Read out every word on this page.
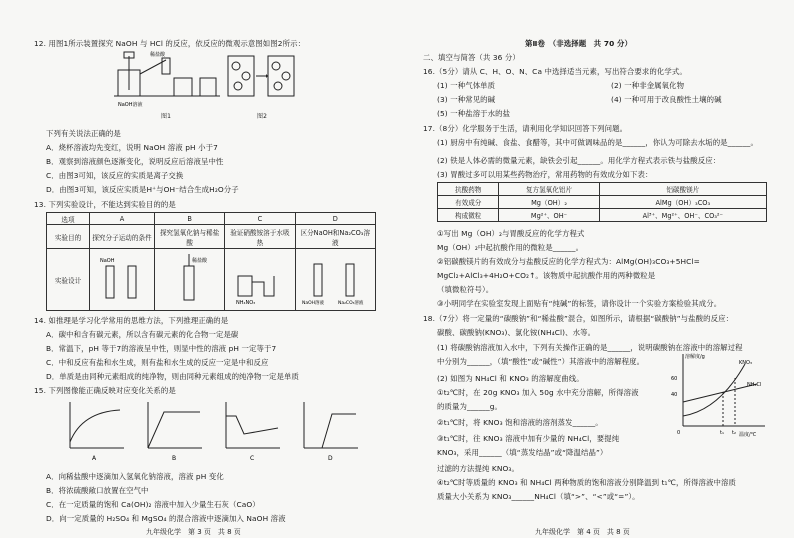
12. 用图1所示装置探究 NaOH 与 HCl 的反应，依反应的微观示意图如图2所示：
NaOH溶液
稀盐酸
图1	图2
下列有关说法正确的是
A．烧杯溶液均先变红，说明 NaOH 溶液 pH 小于7
B．观察到溶液颜色逐渐变化，说明反应后溶液呈中性
C．由图3可知，该反应的实质是离子交换
D．由图3可知，该反应实质是H⁺与OH⁻结合生成H₂O分子
13. 下列实验设计，不能达到实验目的的是
选项	A	B	C	D
实验目的	探究分子运动的条件	探究氢氧化钠与稀盐酸	验证硝酸铵溶于水吸热	区分NaOH和Na₂CO₃溶液
实验设计	NaOH	稀盐酸	NH₄NO₃	NaOH溶液 Na₂CO₃溶液
14. 如推理是学习化学常用的思维方法，下列推理正确的是
A．碳中和含有碳元素，所以含有碳元素的化合物一定是碳
B．常温下，pH 等于7的溶液呈中性，则显中性的溶液 pH 一定等于7
C．中和反应有盐和水生成，则有盐和水生成的反应一定是中和反应
D．单质是由同种元素组成的纯净物，则由同种元素组成的纯净物一定是单质
15. 下列图像能正确反映对应变化关系的是
A	B	C	D
A．向稀盐酸中逐滴加入氢氧化钠溶液，溶液 pH 变化
B．将浓硫酸敞口放置在空气中
C．在一定质量的饱和 Ca(OH)₂ 溶液中加入少量生石灰（CaO）
D．向一定质量的 H₂SO₄ 和 MgSO₄ 的混合溶液中逐滴加入 NaOH 溶液
九年级化学　第 3 页　共 8 页
第Ⅱ卷　（非选择题　共 70 分）
二、填空与简答（共 36 分）
16.（5分）请从 C、H、O、N、Ca 中选择适当元素，写出符合要求的化学式。
(1) 一种气体单质	(2) 一种非金属氧化物
(3) 一种常见的碱	(4) 一种可用于改良酸性土壤的碱
(5) 一种盐溶于水的盐
17.（8分）化学服务于生活，请利用化学知识回答下列问题。
(1) 厨房中有纯碱、食盐、食醋等，其中可做调味品的是______，你认为可除去水垢的是______。
(2) 铁是人体必需的微量元素，缺铁会引起______。用化学方程式表示铁与盐酸反应：
(3) 胃酸过多可以用某些药物治疗，常用药物的有效成分如下表：
抗酸药物	复方氢氧化铝片	铝碳酸镁片
有效成分	Mg（OH）₂	AlMg（OH）₃CO₃
构成微粒	Mg²⁺、OH⁻	Al³⁺、Mg²⁺、OH⁻、CO₃²⁻
①写出 Mg（OH）₂与胃酸反应的化学方程式
Mg（OH）₂中起抗酸作用的微粒是______。
②铝碳酸镁片的有效成分与盐酸反应的化学方程式为：AlMg(OH)₃CO₃+5HCl=
MgCl₂+AlCl₃+4H₂O+CO₂↑。该物质中起抗酸作用的两种微粒是
（填微粒符号）。
③小明同学在实验室发现上面贴有“纯碱”的标签，请你设计一个实验方案检验其成分。
18.（7分）将一定量的“碳酸钠”和“稀盐酸”混合，如图所示，请根据“碳酸钠”与盐酸的反应：
碳酸、碳酸钠(KNO₃)、氯化铵(NH₄Cl)、水等。
(1) 将碳酸钠溶液加入水中，下列有关操作正确的是______，说明碳酸钠在溶液中的溶解过程
中分别为______，（填“酸性”或“碱性”）其溶液中的溶解程度。
(2) 如图为 NH₄Cl 和 KNO₃ 的溶解度曲线。
①t₂℃时，在 20g KNO₃ 加入 50g 水中充分溶解，所得溶液
的质量为______g。
②t₁℃时，将 KNO₃ 饱和溶液的溶剂蒸发______。
③t₁℃时，往 KNO₃ 溶液中加有少量的 NH₄Cl，要提纯
KNO₃，采用______（填“蒸发结晶”或“降温结晶”）
过滤的方法提纯 KNO₃。
④t₂℃时等质量的 KNO₃ 和 NH₄Cl 两种物质的饱和溶液分别降温到 t₁℃，所得溶液中溶质
质量大小关系为 KNO₃______NH₄Cl（填“>”、“<”或“=”）。
溶解度/g
温度/℃
KNO₃
NH₄Cl
0	t₁ t₂
60
40
九年级化学　第 4 页　共 8 页
